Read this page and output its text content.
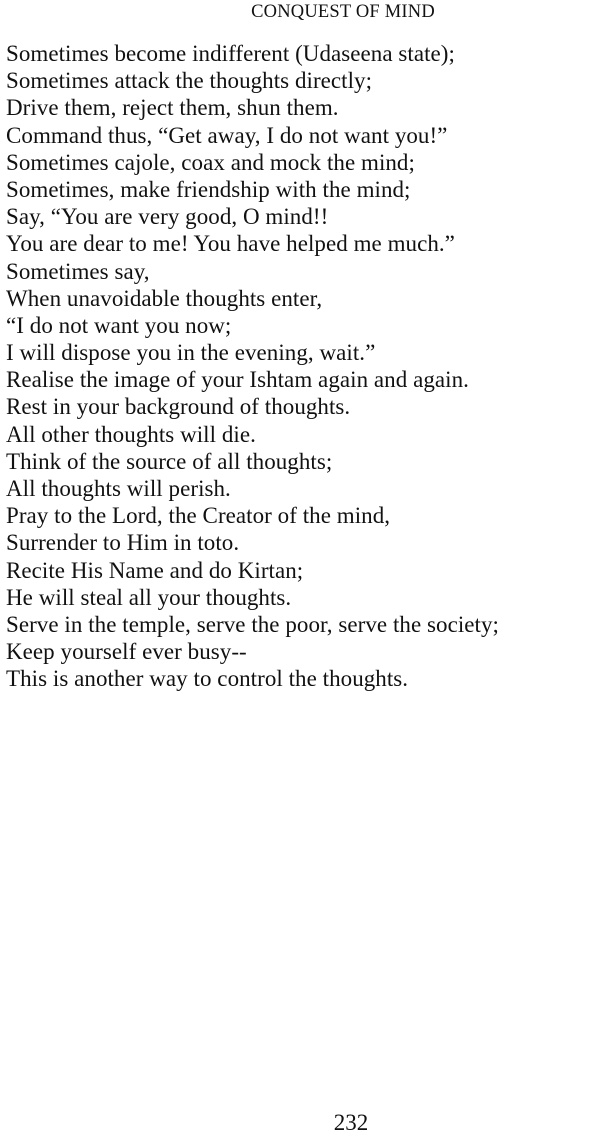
CONQUEST OF MIND
Sometimes become indifferent (Udaseena state);
Sometimes attack the thoughts directly;
Drive them, reject them, shun them.
Command thus, “Get away, I do not want you!”
Sometimes cajole, coax and mock the mind;
Sometimes, make friendship with the mind;
Say, “You are very good, O mind!!
You are dear to me! You have helped me much.”
Sometimes say,
When unavoidable thoughts enter,
“I do not want you now;
I will dispose you in the evening, wait.”
Realise the image of your Ishtam again and again.
Rest in your background of thoughts.
All other thoughts will die.
Think of the source of all thoughts;
All thoughts will perish.
Pray to the Lord, the Creator of the mind,
Surrender to Him in toto.
Recite His Name and do Kirtan;
He will steal all your thoughts.
Serve in the temple, serve the poor, serve the society;
Keep yourself ever busy--
This is another way to control the thoughts.
232
